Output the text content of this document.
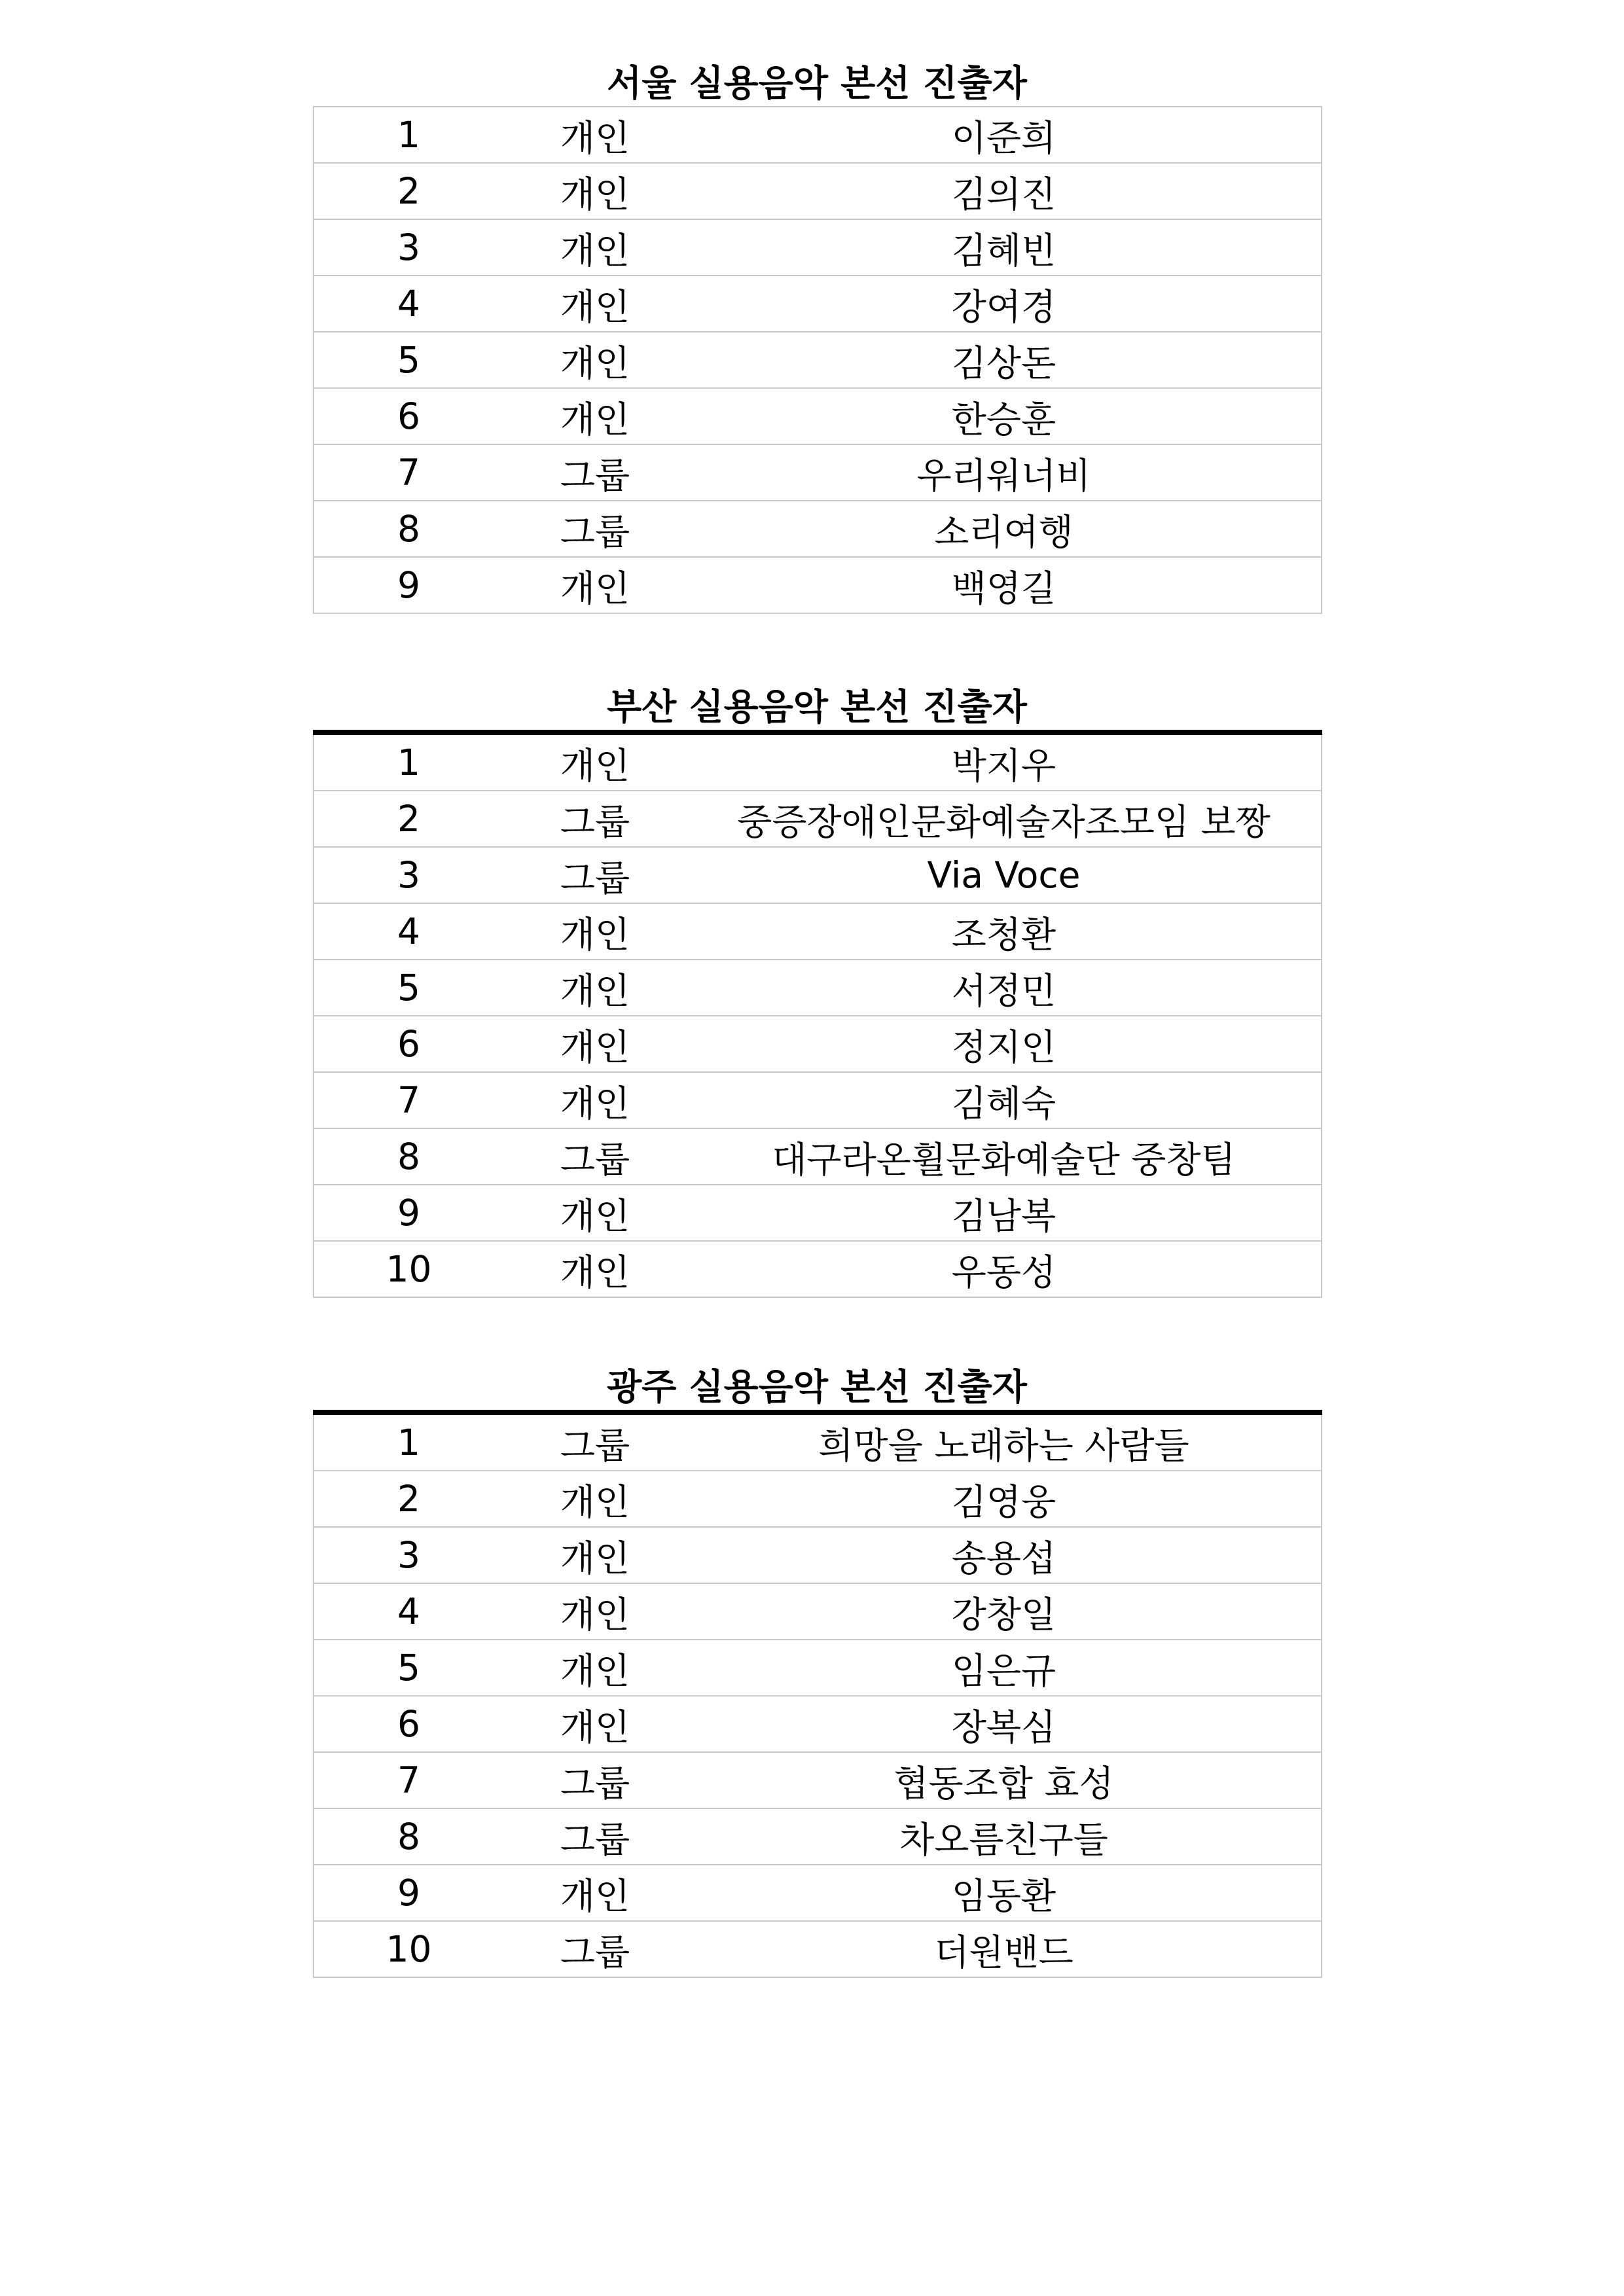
서울 실용음악 본선 진출자
1	개인	이준희
2	개인	김의진
3	개인	김혜빈
4	개인	강여경
5	개인	김상돈
6	개인	한승훈
7	그룹	우리워너비
8	그룹	소리여행
9	개인	백영길
부산 실용음악 본선 진출자
1	개인	박지우
2	그룹	중증장애인문화예술자조모임 보짱
3	그룹	Via Voce
4	개인	조청환
5	개인	서정민
6	개인	정지인
7	개인	김혜숙
8	그룹	대구라온휠문화예술단 중창팀
9	개인	김남복
10	개인	우동성
광주 실용음악 본선 진출자
1	그룹	희망을 노래하는 사람들
2	개인	김영웅
3	개인	송용섭
4	개인	강창일
5	개인	임은규
6	개인	장복심
7	그룹	협동조합 효성
8	그룹	차오름친구들
9	개인	임동환
10	그룹	더원밴드
